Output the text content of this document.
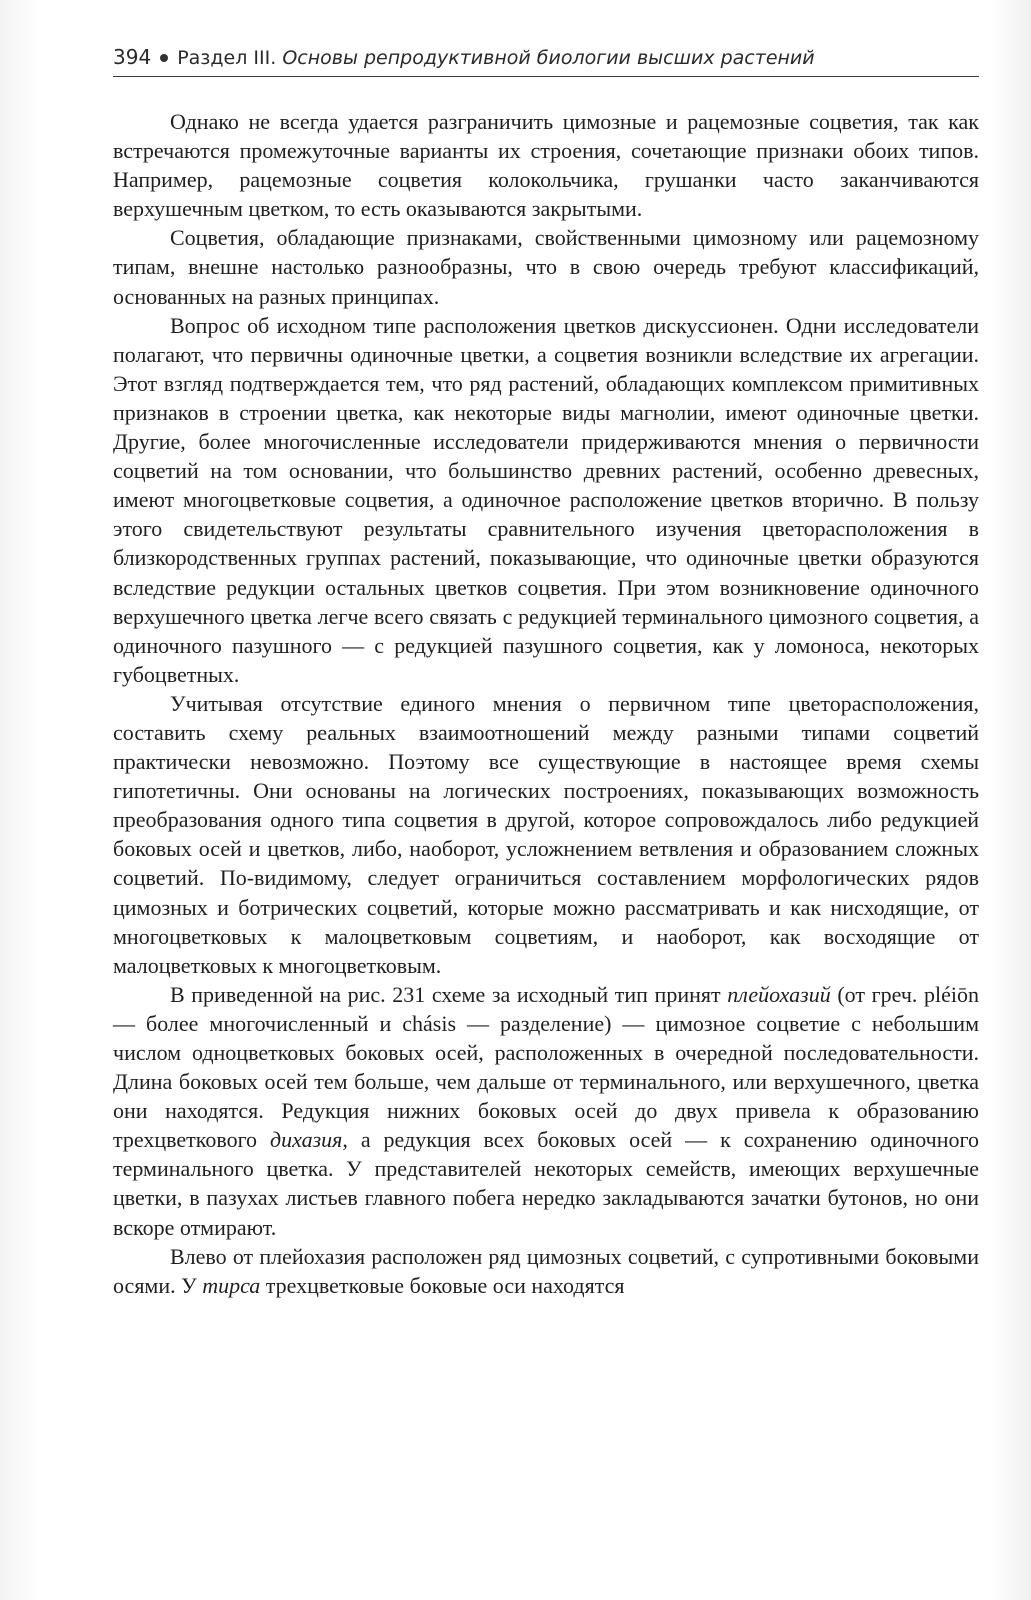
394 Раздел III. Основы репродуктивной биологии высших растений

Однако не всегда удается разграничить цимозные и рацемозные соцветия, так как встречаются промежуточные варианты их строения, сочетающие признаки обоих типов. Например, рацемозные соцветия колокольчика, грушанки часто заканчиваются верхушечным цветком, то есть оказываются закрытыми.

Соцветия, обладающие признаками, свойственными цимозному или рацемозному типам, внешне настолько разнообразны, что в свою очередь требуют классификаций, основанных на разных принципах.

Вопрос об исходном типе расположения цветков дискуссионен. Одни исследователи полагают, что первичны одиночные цветки, а соцветия возникли вследствие их агрегации. Этот взгляд подтверждается тем, что ряд растений, обладающих комплексом примитивных признаков в строении цветка, как некоторые виды магнолии, имеют одиночные цветки. Другие, более многочисленные исследователи придерживаются мнения о первичности соцветий на том основании, что большинство древних растений, особенно древесных, имеют многоцветковые соцветия, а одиночное расположение цветков вторично. В пользу этого свидетельствуют результаты сравнительного изучения цветорасположения в близкородственных группах растений, показывающие, что одиночные цветки образуются вследствие редукции остальных цветков соцветия. При этом возникновение одиночного верхушечного цветка легче всего связать с редукцией терминального цимозного соцветия, а одиночного пазушного — с редукцией пазушного соцветия, как у ломоноса, некоторых губоцветных.

Учитывая отсутствие единого мнения о первичном типе цветорасположения, составить схему реальных взаимоотношений между разными типами соцветий практически невозможно. Поэтому все существующие в настоящее время схемы гипотетичны. Они основаны на логических построениях, показывающих возможность преобразования одного типа соцветия в другой, которое сопровождалось либо редукцией боковых осей и цветков, либо, наоборот, усложнением ветвления и образованием сложных соцветий. По-видимому, следует ограничиться составлением морфологических рядов цимозных и ботрических соцветий, которые можно рассматривать и как нисходящие, от многоцветковых к малоцветковым соцветиям, и наоборот, как восходящие от малоцветковых к многоцветковым.

В приведенной на рис. 231 схеме за исходный тип принят плейохазий (от греч. pléiōn — более многочисленный и chásis — разделение) — цимозное соцветие с небольшим числом одноцветковых боковых осей, расположенных в очередной последовательности. Длина боковых осей тем больше, чем дальше от терминального, или верхушечного, цветка они находятся. Редукция нижних боковых осей до двух привела к образованию трехцветкового дихазия, а редукция всех боковых осей — к сохранению одиночного терминального цветка. У представителей некоторых семейств, имеющих верхушечные цветки, в пазухах листьев главного побега нередко закладываются зачатки бутонов, но они вскоре отмирают.

Влево от плейохазия расположен ряд цимозных соцветий, с супротивными боковыми осями. У тирса трехцветковые боковые оси находятся
